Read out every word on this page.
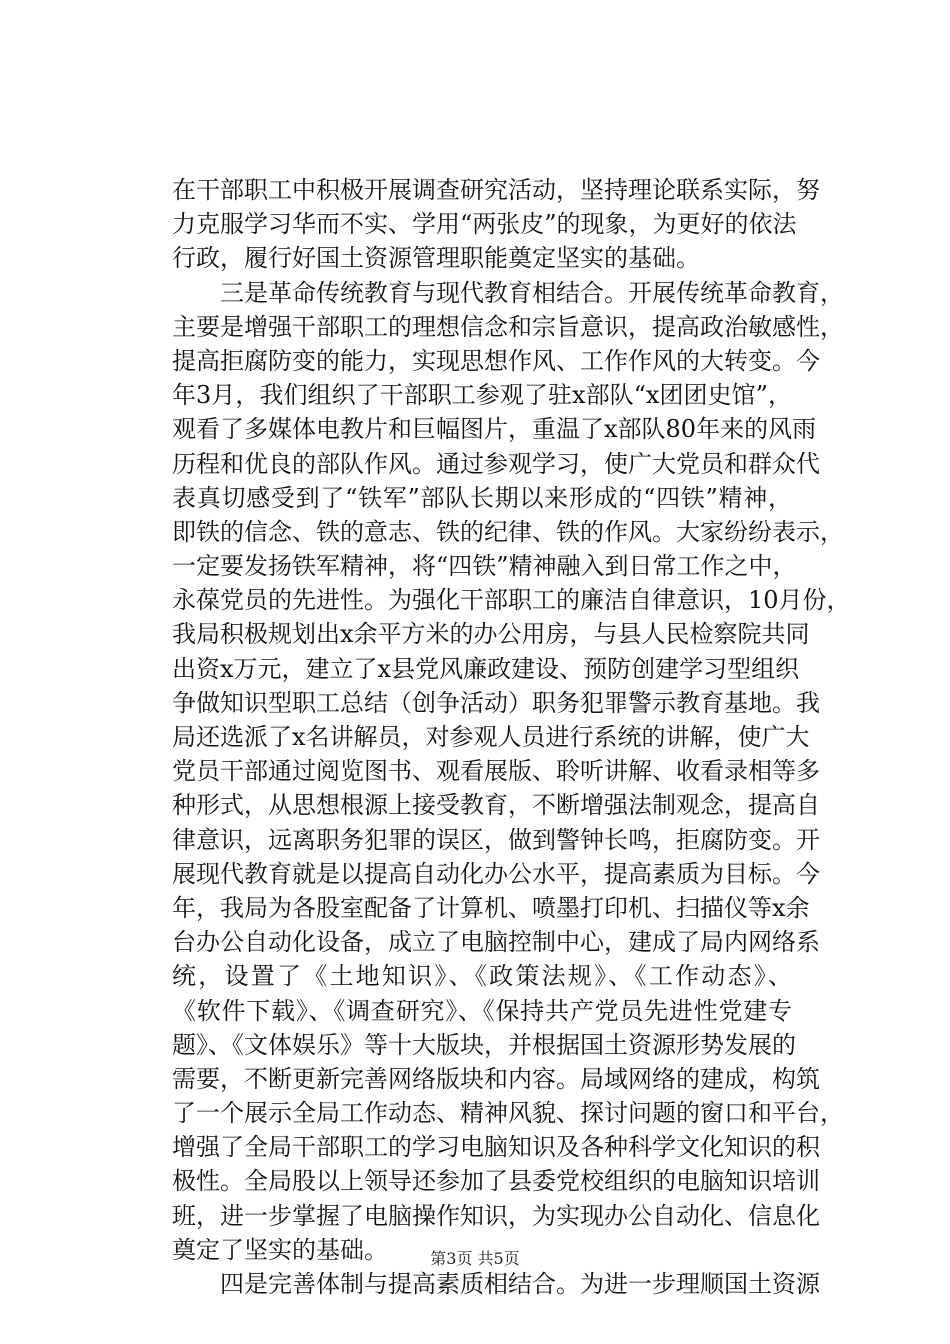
在干部职工中积极开展调查研究活动，坚持理论联系实际，努
力克服学习华而不实、学用“两张皮”的现象，为更好的依法
行政，履行好国土资源管理职能奠定坚实的基础。
三是革命传统教育与现代教育相结合。开展传统革命教育，
主要是增强干部职工的理想信念和宗旨意识，提高政治敏感性，
提高拒腐防变的能力，实现思想作风、工作作风的大转变。今
年3月，我们组织了干部职工参观了驻x部队“x团团史馆”，
观看了多媒体电教片和巨幅图片，重温了x部队80年来的风雨
历程和优良的部队作风。通过参观学习，使广大党员和群众代
表真切感受到了“铁军”部队长期以来形成的“四铁”精神，
即铁的信念、铁的意志、铁的纪律、铁的作风。大家纷纷表示，
一定要发扬铁军精神，将“四铁”精神融入到日常工作之中，
永葆党员的先进性。为强化干部职工的廉洁自律意识，10月份，
我局积极规划出x余平方米的办公用房，与县人民检察院共同
出资x万元，建立了x县党风廉政建设、预防创建学习型组织
争做知识型职工总结（创争活动）职务犯罪警示教育基地。我
局还选派了x名讲解员，对参观人员进行系统的讲解，使广大
党员干部通过阅览图书、观看展版、聆听讲解、收看录相等多
种形式，从思想根源上接受教育，不断增强法制观念，提高自
律意识，远离职务犯罪的误区，做到警钟长鸣，拒腐防变。开
展现代教育就是以提高自动化办公水平，提高素质为目标。今
年，我局为各股室配备了计算机、喷墨打印机、扫描仪等x余
台办公自动化设备，成立了电脑控制中心，建成了局内网络系
统，设置了《土地知识》、《政策法规》、《工作动态》、
《软件下载》、《调查研究》、《保持共产党员先进性党建专
题》、《文体娱乐》等十大版块，并根据国土资源形势发展的
需要，不断更新完善网络版块和内容。局域网络的建成，构筑
了一个展示全局工作动态、精神风貌、探讨问题的窗口和平台，
增强了全局干部职工的学习电脑知识及各种科学文化知识的积
极性。全局股以上领导还参加了县委党校组织的电脑知识培训
班，进一步掌握了电脑操作知识，为实现办公自动化、信息化
奠定了坚实的基础。
四是完善体制与提高素质相结合。为进一步理顺国土资源
第3页 共5页
